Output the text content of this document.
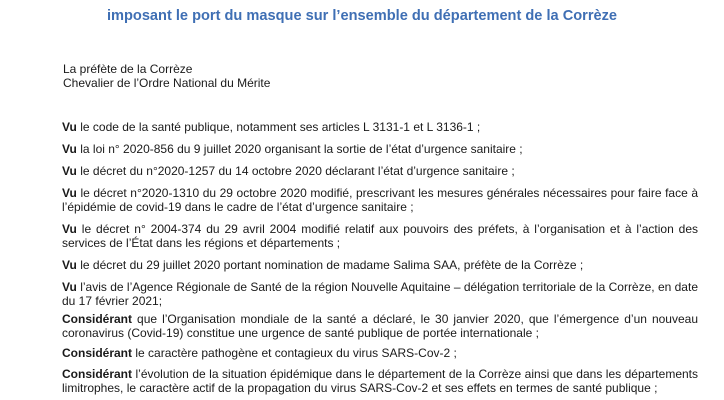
imposant le port du masque sur l’ensemble du département de la Corrèze
La préfète de la Corrèze
Chevalier de l’Ordre National du Mérite
Vu le code de la santé publique, notamment ses articles L 3131-1 et L 3136-1 ;
Vu la loi n° 2020-856 du 9 juillet 2020 organisant la sortie de l’état d’urgence sanitaire ;
Vu le décret du n°2020-1257 du 14 octobre 2020 déclarant l’état d’urgence sanitaire ;
Vu le décret n°2020-1310 du 29 octobre 2020 modifié, prescrivant les mesures générales nécessaires pour faire face à l’épidémie de covid-19 dans le cadre de l’état d’urgence sanitaire ;
Vu le décret n° 2004-374 du 29 avril 2004 modifié relatif aux pouvoirs des préfets, à l’organisation et à l’action des services de l’État dans les régions et départements ;
Vu le décret du 29 juillet 2020 portant nomination de madame Salima SAA, préfète de la Corrèze ;
Vu l’avis de l’Agence Régionale de Santé de la région Nouvelle Aquitaine – délégation territoriale de la Corrèze, en date du 17 février 2021;
Considérant que l’Organisation mondiale de la santé a déclaré, le 30 janvier 2020, que l’émergence d’un nouveau coronavirus (Covid-19) constitue une urgence de santé publique de portée internationale ;
Considérant le caractère pathogène et contagieux du virus SARS-Cov-2 ;
Considérant l’évolution de la situation épidémique dans le département de la Corrèze ainsi que dans les départements limitrophes, le caractère actif de la propagation du virus SARS-Cov-2 et ses effets en termes de santé publique ;
